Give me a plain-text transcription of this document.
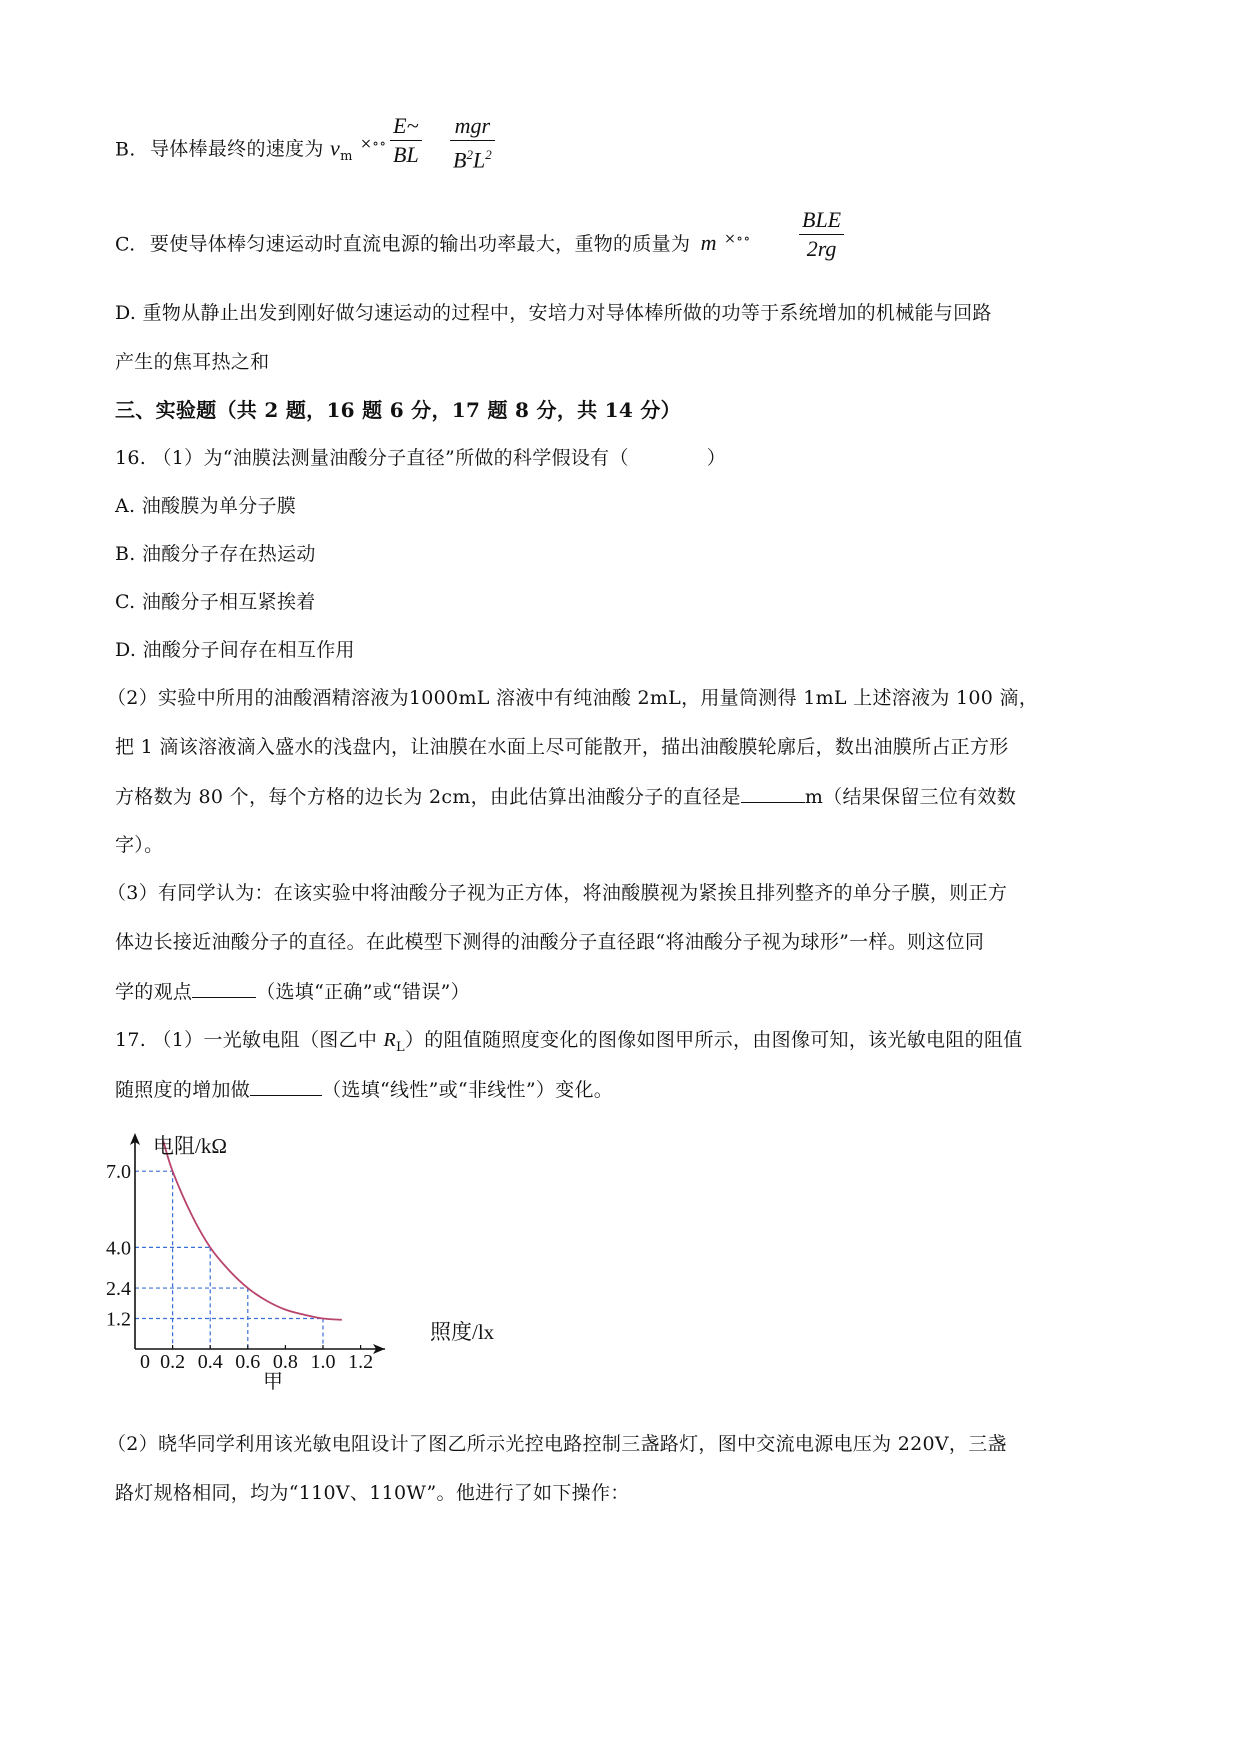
B. 导体棒最终的速度为 $v_m$ $^{\times\circ\circ} \frac{E\sim}{BL}$ mgr
$B^2L^2$
C. 要使导体棒匀速运动时直流电源的输出功率最大，重物的质量为 m ×∘∘
BLE
2rg
D. 重物从静止出发到刚好做匀速运动的过程中，安培力对导体棒所做的功等于系统增加的机械能与回路
产生的焦耳热之和
三、实验题（共 2 题，16 题 6 分，17 题 8 分，共 14 分）
16. （1）为“油膜法测量油酸分子直径”所做的科学假设有（	）
A. 油酸膜为单分子膜
B. 油酸分子存在热运动
C. 油酸分子相互紧挨着
D. 油酸分子间存在相互作用
（2）实验中所用的油酸酒精溶液为1000mL 溶液中有纯油酸 2mL，用量筒测得 1mL 上述溶液为 100 滴，
把 1 滴该溶液滴入盛水的浅盘内，让油膜在水面上尽可能散开，描出油酸膜轮廓后，数出油膜所占正方形
方格数为 80 个，每个方格的边长为 2cm，由此估算出油酸分子的直径是	m（结果保留三位有效数
字）。
（3）有同学认为：在该实验中将油酸分子视为正方体，将油酸膜视为紧挨且排列整齐的单分子膜，则正方
体边长接近油酸分子的直径。在此模型下测得的油酸分子直径跟“将油酸分子视为球形”一样。则这位同
学的观点	（选填“正确”或“错误”）
17. （1）一光敏电阻（图乙中 $R_L$）的阻值随照度变化的图像如图甲所示，由图像可知，该光敏电阻的阻值
随照度的增加做	（选填“线性”或“非线性”）变化。
0.2 0.4 0.6 0.8 1.0 1.2
1.2
2.4
4.0
7.0
电阻/kΩ
照度/lx
0
甲
（2）晓华同学利用该光敏电阻设计了图乙所示光控电路控制三盏路灯，图中交流电源电压为 220V，三盏
路灯规格相同，均为“110V、110W”。他进行了如下操作：
